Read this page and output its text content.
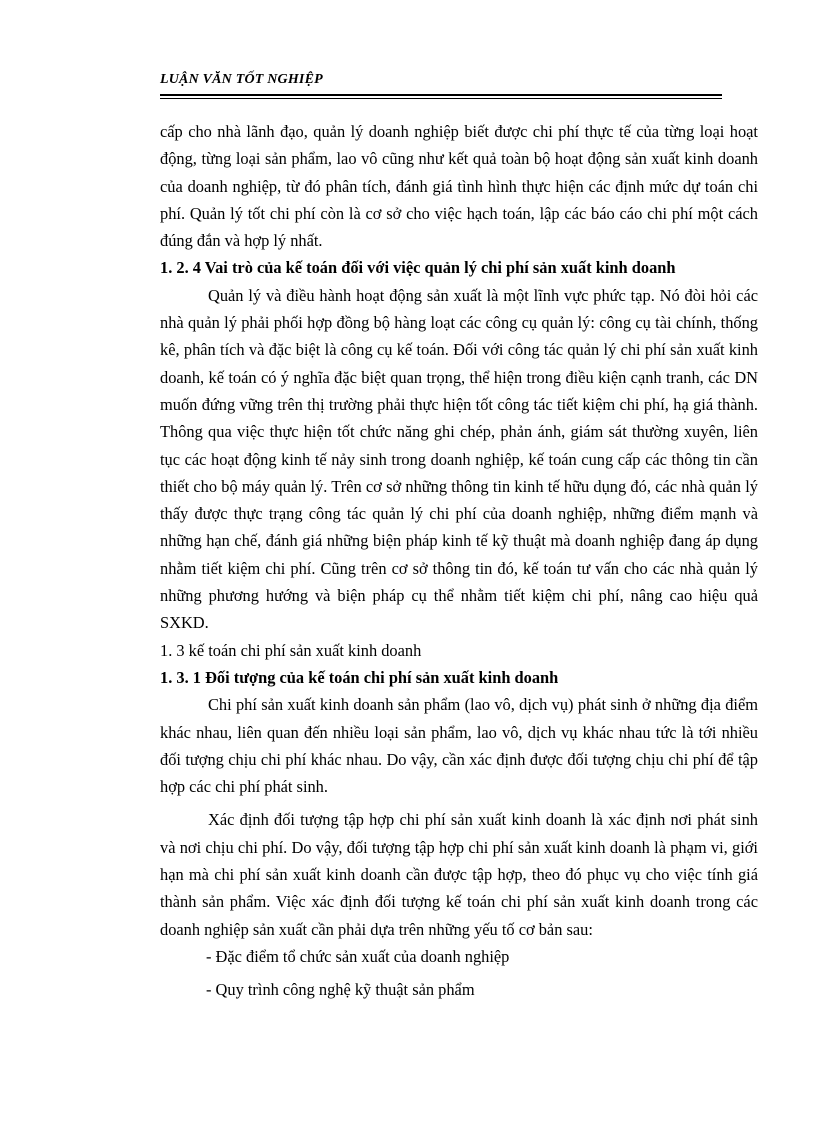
LUẬN VĂN TỐT NGHIỆP

cấp cho nhà lãnh đạo, quản lý doanh nghiệp biết được chi phí thực tế của từng loại hoạt động, từng loại sản phẩm, lao vô cũng như kết quả toàn bộ hoạt động sản xuất kinh doanh của doanh nghiệp, từ đó phân tích, đánh giá tình hình thực hiện các định mức dự toán chi phí. Quản lý tốt chi phí còn là cơ sở cho việc hạch toán, lập các báo cáo chi phí một cách đúng đắn và hợp lý nhất.

1. 2. 4 Vai trò của kế toán đối với việc quản lý chi phí sản xuất kinh doanh

Quản lý và điều hành hoạt động sản xuất là một lĩnh vực phức tạp. Nó đòi hỏi các nhà quản lý phải phối hợp đồng bộ hàng loạt các công cụ quản lý: công cụ tài chính, thống kê, phân tích và đặc biệt là công cụ kế toán. Đối với công tác quản lý chi phí sản xuất kinh doanh, kế toán có ý nghĩa đặc biệt quan trọng, thể hiện trong điều kiện cạnh tranh, các DN muốn đứng vững trên thị trường phải thực hiện tốt công tác tiết kiệm chi phí, hạ giá thành. Thông qua việc thực hiện tốt chức năng ghi chép, phản ánh, giám sát thường xuyên, liên tục các hoạt động kinh tế nảy sinh trong doanh nghiệp, kế toán cung cấp các thông tin cần thiết cho bộ máy quản lý. Trên cơ sở những thông tin kinh tế hữu dụng đó, các nhà quản lý thấy được thực trạng công tác quản lý chi phí của doanh nghiệp, những điểm mạnh và những hạn chế, đánh giá những biện pháp kinh tế kỹ thuật mà doanh nghiệp đang áp dụng nhằm tiết kiệm chi phí. Cũng trên cơ sở thông tin đó, kế toán tư vấn cho các nhà quản lý những phương hướng và biện pháp cụ thể nhằm tiết kiệm chi phí, nâng cao hiệu quả SXKD.

1. 3 kế toán chi phí sản xuất kinh doanh

1. 3. 1 Đối tượng của kế toán chi phí sản xuất kinh doanh

Chi phí sản xuất kinh doanh sản phẩm (lao vô, dịch vụ) phát sinh ở những địa điểm khác nhau, liên quan đến nhiều loại sản phẩm, lao vô, dịch vụ khác nhau tức là tới nhiều đối tượng chịu chi phí khác nhau. Do vậy, cần xác định được đối tượng chịu chi phí để tập hợp các chi phí phát sinh.

Xác định đối tượng tập hợp chi phí sản xuất kinh doanh là xác định nơi phát sinh và nơi chịu chi phí. Do vậy, đối tượng tập hợp chi phí sản xuất kinh doanh là phạm vi, giới hạn mà chi phí sản xuất kinh doanh cần được tập hợp, theo đó phục vụ cho việc tính giá thành sản phẩm. Việc xác định đối tượng kế toán chi phí sản xuất kinh doanh trong các doanh nghiệp sản xuất cần phải dựa trên những yếu tố cơ bản sau:

- Đặc điểm tổ chức sản xuất của doanh nghiệp

- Quy trình công nghệ kỹ thuật sản phẩm
